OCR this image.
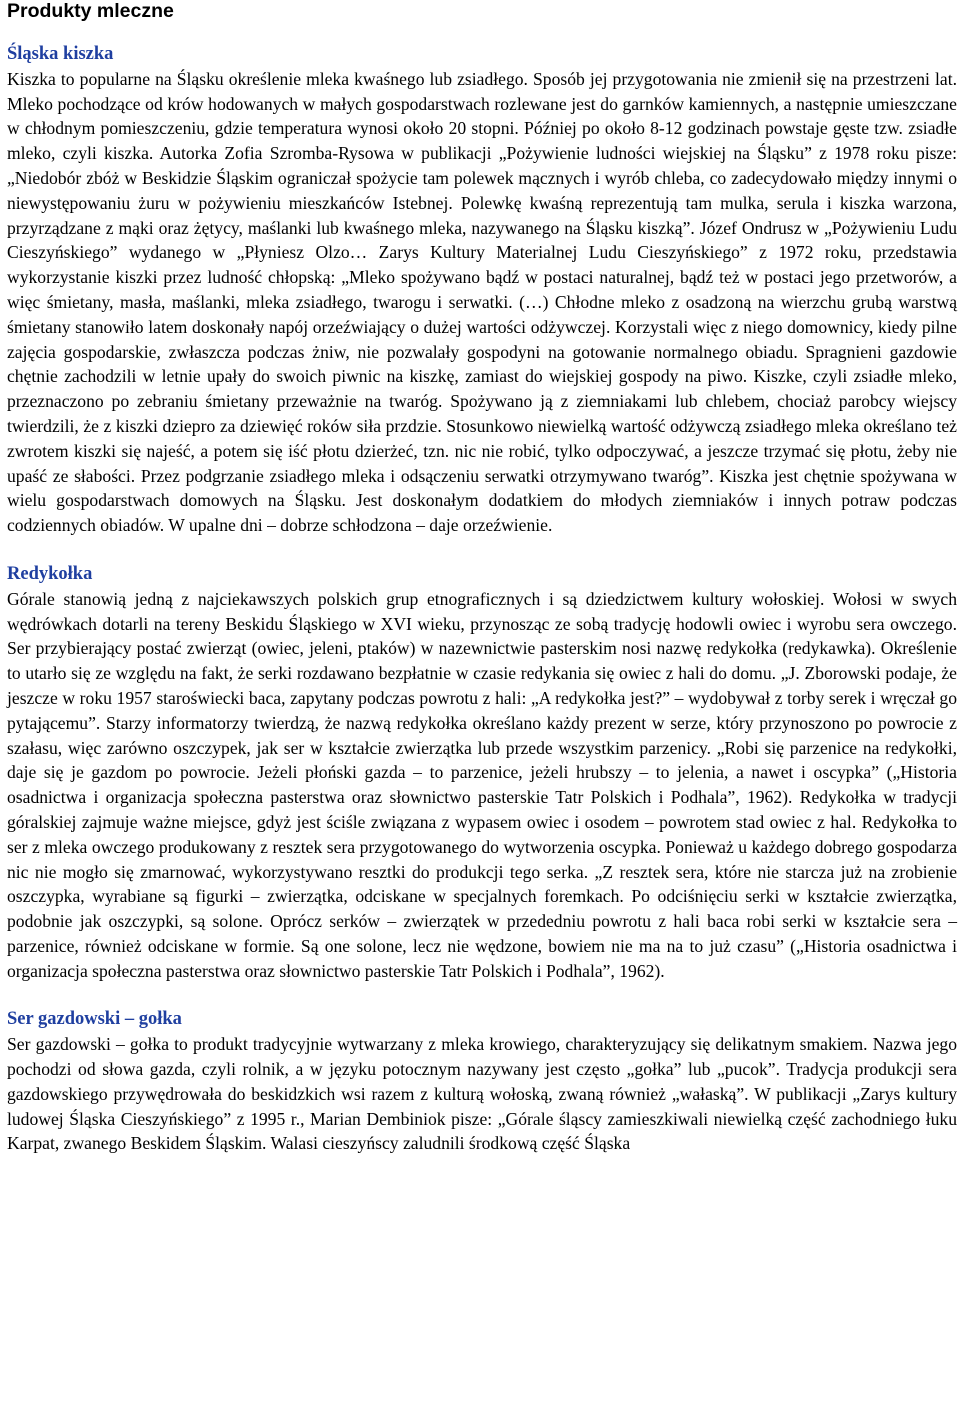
Produkty mleczne
Śląska kiszka

Kiszka to popularne na Śląsku określenie mleka kwaśnego lub zsiadłego. Sposób jej przygotowania nie zmienił się na przestrzeni lat. Mleko pochodzące od krów hodowanych w małych gospodarstwach rozlewane jest do garnków kamiennych, a następnie umieszczane w chłodnym pomieszczeniu, gdzie temperatura wynosi około 20 stopni. Później po około 8-12 godzinach powstaje gęste tzw. zsiadłe mleko, czyli kiszka. Autorka Zofia Szromba-Rysowa w publikacji „Pożywienie ludności wiejskiej na Śląsku” z 1978 roku pisze: „Niedobór zbóż w Beskidzie Śląskim ograniczał spożycie tam polewek mącznych i wyrób chleba, co zadecydowało między innymi o niewystępowaniu żuru w pożywieniu mieszkańców Istebnej. Polewkę kwaśną reprezentują tam mulka, serula i kiszka warzona, przyrządzane z mąki oraz żętycy, maślanki lub kwaśnego mleka, nazywanego na Śląsku kiszką”. Józef Ondrusz w „Pożywieniu Ludu Cieszyńskiego” wydanego w „Płyniesz Olzo… Zarys Kultury Materialnej Ludu Cieszyńskiego” z 1972 roku, przedstawia wykorzystanie kiszki przez ludność chłopską: „Mleko spożywano bądź w postaci naturalnej, bądź też w postaci jego przetworów, a więc śmietany, masła, maślanki, mleka zsiadłego, twarogu i serwatki. (…) Chłodne mleko z osadzoną na wierzchu grubą warstwą śmietany stanowiło latem doskonały napój orzeźwiający o dużej wartości odżywczej. Korzystali więc z niego domownicy, kiedy pilne zajęcia gospodarskie, zwłaszcza podczas żniw, nie pozwalały gospodyni na gotowanie normalnego obiadu. Spragnieni gazdowie chętnie zachodzili w letnie upały do swoich piwnic na kiszkę, zamiast do wiejskiej gospody na piwo. Kiszke, czyli zsiadłe mleko, przeznaczono po zebraniu śmietany przeważnie na twaróg. Spożywano ją z ziemniakami lub chlebem, chociaż parobcy wiejscy twierdzili, że z kiszki dziepro za dziewięć roków siła przdzie. Stosunkowo niewielką wartość odżywczą zsiadłego mleka określano też zwrotem kiszki się najeść, a potem się iść płotu dzierżeć, tzn. nic nie robić, tylko odpoczywać, a jeszcze trzymać się płotu, żeby nie upaść ze słabości. Przez podgrzanie zsiadłego mleka i odsączeniu serwatki otrzymywano twaróg”. Kiszka jest chętnie spożywana w wielu gospodarstwach domowych na Śląsku. Jest doskonałym dodatkiem do młodych ziemniaków i innych potraw podczas codziennych obiadów. W upalne dni – dobrze schłodzona – daje orzeźwienie.

Redykołka

Górale stanowią jedną z najciekawszych polskich grup etnograficznych i są dziedzictwem kultury wołoskiej. Wołosi w swych wędrówkach dotarli na tereny Beskidu Śląskiego w XVI wieku, przynosząc ze sobą tradycję hodowli owiec i wyrobu sera owczego. Ser przybierający postać zwierząt (owiec, jeleni, ptaków) w nazewnictwie pasterskim nosi nazwę redykołka (redykawka). Określenie to utarło się ze względu na fakt, że serki rozdawano bezpłatnie w czasie redykania się owiec z hali do domu. „J. Zborowski podaje, że jeszcze w roku 1957 staroświecki baca, zapytany podczas powrotu z hali: „A redykołka jest?” – wydobywał z torby serek i wręczał go pytającemu”. Starzy informatorzy twierdzą, że nazwą redykołka określano każdy prezent w serze, który przynoszono po powrocie z szałasu, więc zarówno oszczypek, jak ser w kształcie zwierzątka lub przede wszystkim parzenicy. „Robi się parzenice na redykołki, daje się je gazdom po powrocie. Jeżeli płoński gazda – to parzenice, jeżeli hrubszy – to jelenia, a nawet i oscypka” („Historia osadnictwa i organizacja społeczna pasterstwa oraz słownictwo pasterskie Tatr Polskich i Podhala”, 1962). Redykołka w tradycji góralskiej zajmuje ważne miejsce, gdyż jest ściśle związana z wypasem owiec i osodem – powrotem stad owiec z hal. Redykołka to ser z mleka owczego produkowany z resztek sera przygotowanego do wytworzenia oscypka. Ponieważ u każdego dobrego gospodarza nic nie mogło się zmarnować, wykorzystywano resztki do produkcji tego serka. „Z resztek sera, które nie starcza już na zrobienie oszczypka, wyrabiane są figurki – zwierzątka, odciskane w specjalnych foremkach. Po odciśnięciu serki w kształcie zwierzątka, podobnie jak oszczypki, są solone. Oprócz serków – zwierzątek w przededniu powrotu z hali baca robi serki w kształcie sera – parzenice, również odciskane w formie. Są one solone, lecz nie wędzone, bowiem nie ma na to już czasu” („Historia osadnictwa i organizacja społeczna pasterstwa oraz słownictwo pasterskie Tatr Polskich i Podhala”, 1962).

Ser gazdowski – gołka

Ser gazdowski – gołka to produkt tradycyjnie wytwarzany z mleka krowiego, charakteryzujący się delikatnym smakiem. Nazwa jego pochodzi od słowa gazda, czyli rolnik, a w języku potocznym nazywany jest często „gołka” lub „pucok”. Tradycja produkcji sera gazdowskiego przywędrowała do beskidzkich wsi razem z kulturą wołoską, zwaną również „wałaską”. W publikacji „Zarys kultury ludowej Śląska Cieszyńskiego” z 1995 r., Marian Dembiniok pisze: „Górale śląscy zamieszkiwali niewielką część zachodniego łuku Karpat, zwanego Beskidem Śląskim. Walasi cieszyńscy zaludnili środkową część Śląska
